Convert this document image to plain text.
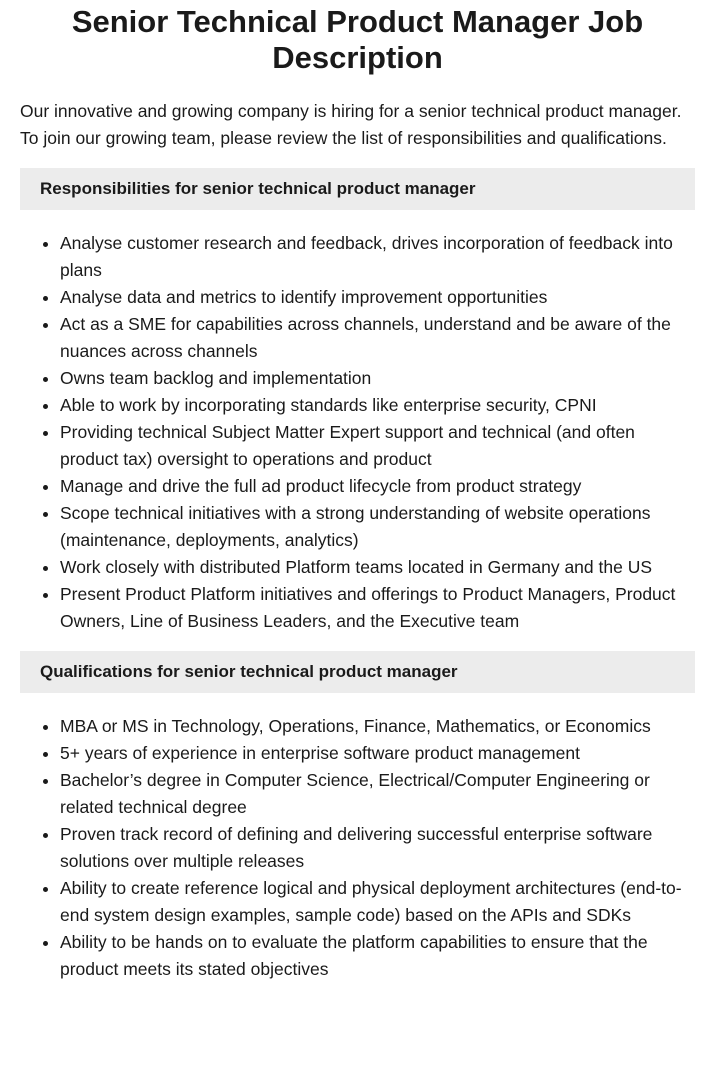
Senior Technical Product Manager Job Description

Our innovative and growing company is hiring for a senior technical product manager. To join our growing team, please review the list of responsibilities and qualifications.

Responsibilities for senior technical product manager
• Analyse customer research and feedback, drives incorporation of feedback into plans
• Analyse data and metrics to identify improvement opportunities
• Act as a SME for capabilities across channels, understand and be aware of the nuances across channels
• Owns team backlog and implementation
• Able to work by incorporating standards like enterprise security, CPNI
• Providing technical Subject Matter Expert support and technical (and often product tax) oversight to operations and product
• Manage and drive the full ad product lifecycle from product strategy
• Scope technical initiatives with a strong understanding of website operations (maintenance, deployments, analytics)
• Work closely with distributed Platform teams located in Germany and the US
• Present Product Platform initiatives and offerings to Product Managers, Product Owners, Line of Business Leaders, and the Executive team
Qualifications for senior technical product manager
• MBA or MS in Technology, Operations, Finance, Mathematics, or Economics
• 5+ years of experience in enterprise software product management
• Bachelor’s degree in Computer Science, Electrical/Computer Engineering or related technical degree
• Proven track record of defining and delivering successful enterprise software solutions over multiple releases
• Ability to create reference logical and physical deployment architectures (end-to-end system design examples, sample code) based on the APIs and SDKs
• Ability to be hands on to evaluate the platform capabilities to ensure that the product meets its stated objectives
